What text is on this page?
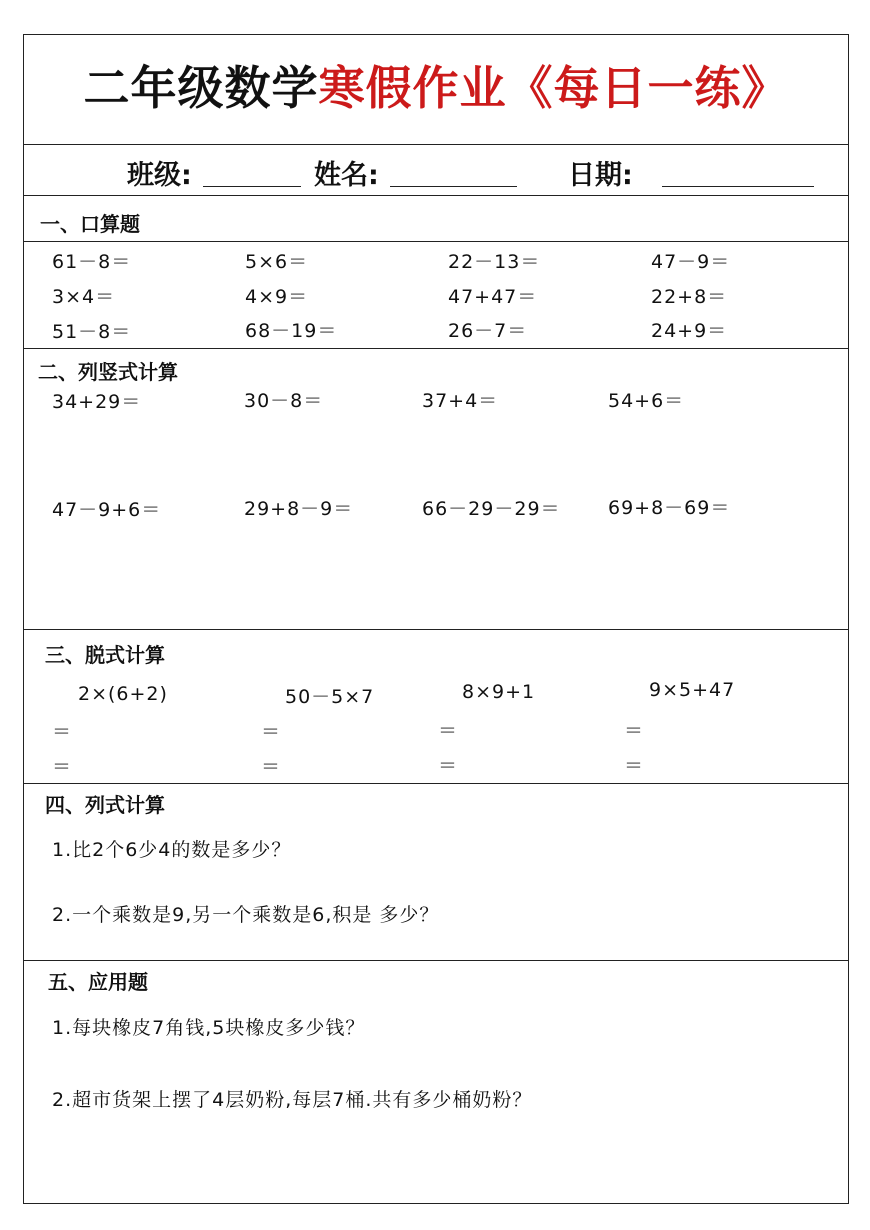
二年级数学寒假作业《每日一练》
班级:	姓名:	日期:
一、口算题
61－8＝	5×6＝	22－13＝	47－9＝
3×4＝	4×9＝	47+47＝	22+8＝
51－8＝	68－19＝	26－7＝	24+9＝
二、列竖式计算
34+29＝	30－8＝	37+4＝	54+6＝
47－9+6＝	29+8－9＝	66－29－29＝ 69+8－69＝
三、脱式计算
2×(6+2)	50－5×7	8×9+1	9×5+47
＝	＝	＝	＝
＝	＝	＝	＝
四、列式计算
1.比2个6少4的数是多少？
2.一个乘数是9,另一个乘数是6,积是 多少？
五、应用题
1.每块橡皮7角钱,5块橡皮多少钱？
2.超市货架上摆了4层奶粉,每层7桶.共有多少桶奶粉？
